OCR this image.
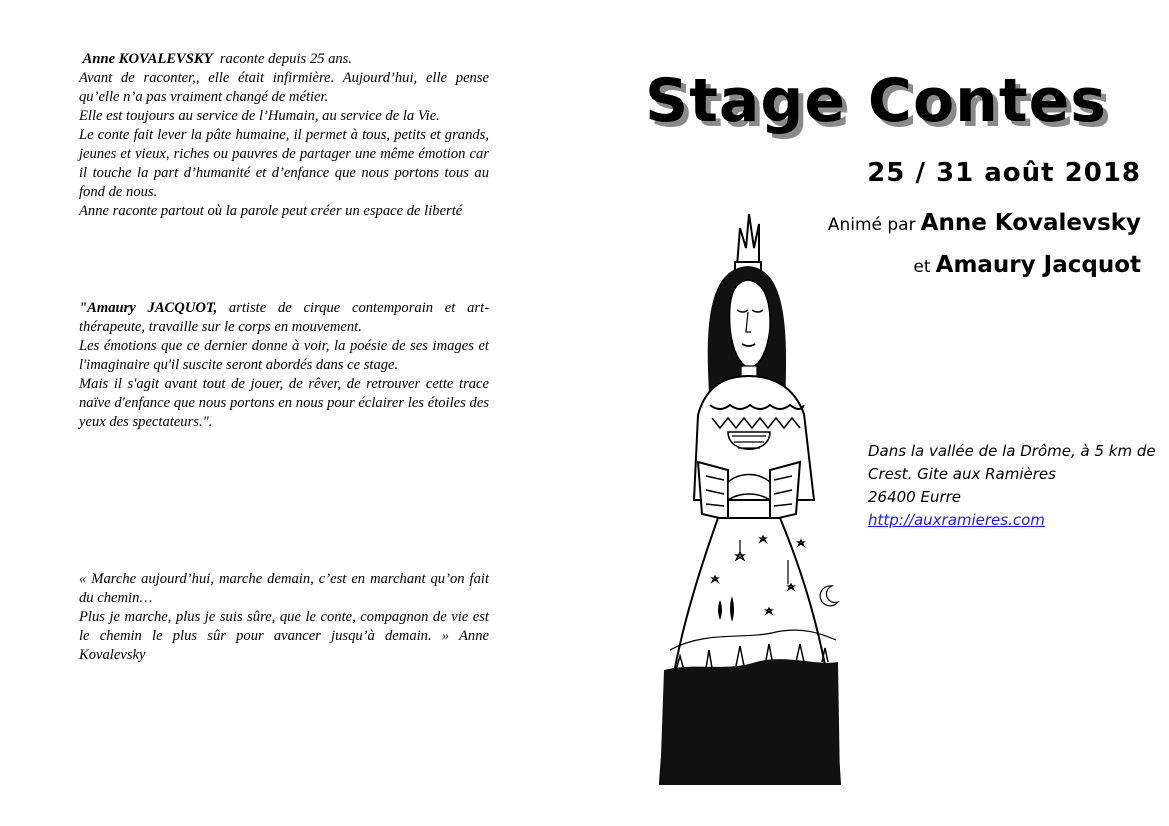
Anne KOVALEVSKY raconte depuis 25 ans.

Avant de raconter,, elle était infirmière. Aujourd’hui, elle pense qu’elle n’a pas vraiment changé de métier.

Elle est toujours au service de l’Humain, au service de la Vie.

Le conte fait lever la pâte humaine, il permet à tous, petits et grands, jeunes et vieux, riches ou pauvres de partager une même émotion car il touche la part d’humanité et d’enfance que nous portons tous au fond de nous.

Anne raconte partout où la parole peut créer un espace de liberté

"Amaury JACQUOT, artiste de cirque contemporain et art-thérapeute, travaille sur le corps en mouvement.

Les émotions que ce dernier donne à voir, la poésie de ses images et l'imaginaire qu'il suscite seront abordés dans ce stage.

Mais il s'agit avant tout de jouer, de rêver, de retrouver cette trace naïve d'enfance que nous portons en nous pour éclairer les étoiles des yeux des spectateurs.".

« Marche aujourd’hui, marche demain, c’est en marchant qu’on fait du chemin…

Plus je marche, plus je suis sûre, que le conte, compagnon de vie est le chemin le plus sûr pour avancer jusqu’à demain. » Anne Kovalevsky

Stage Contes
25 / 31 août 2018
Animé par Anne Kovalevsky
et Amaury Jacquot
Dans la vallée de la Drôme, à 5 km de Crest. Gite aux Ramières
26400 Eurre
http://auxramieres.com
